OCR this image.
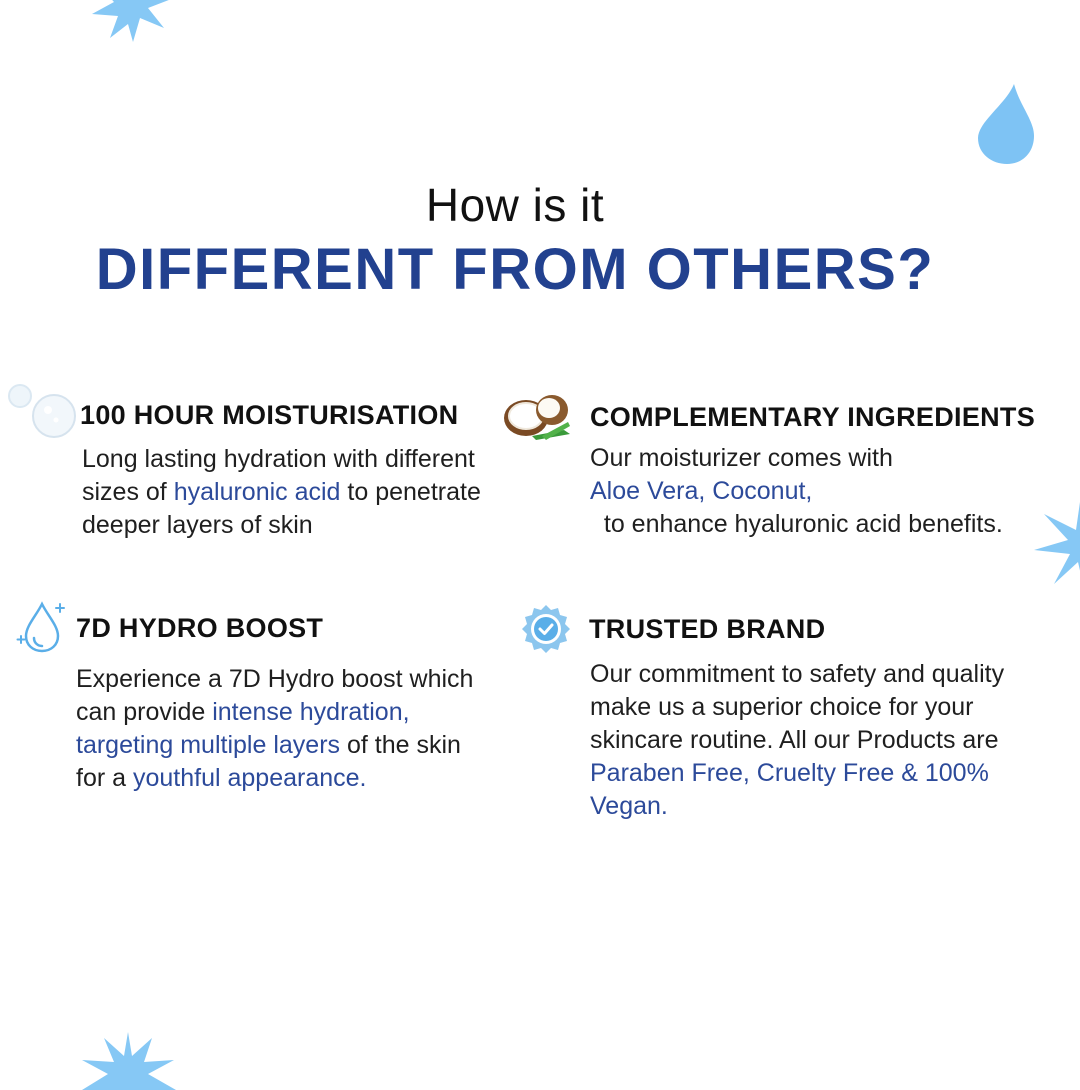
How is it
DIFFERENT FROM OTHERS?
100 HOUR MOISTURISATION
Long lasting hydration with different sizes of hyaluronic acid to penetrate deeper layers of skin
COMPLEMENTARY INGREDIENTS
Our moisturizer comes with
Aloe Vera, Coconut,  to enhance hyaluronic acid benefits.
7D HYDRO BOOST
Experience a 7D Hydro boost which can provide intense hydration, targeting multiple layers of the skin for a youthful appearance.
TRUSTED BRAND
Our commitment to safety and quality make us a superior choice for your skincare routine. All our Products are Paraben Free, Cruelty Free & 100% Vegan.
